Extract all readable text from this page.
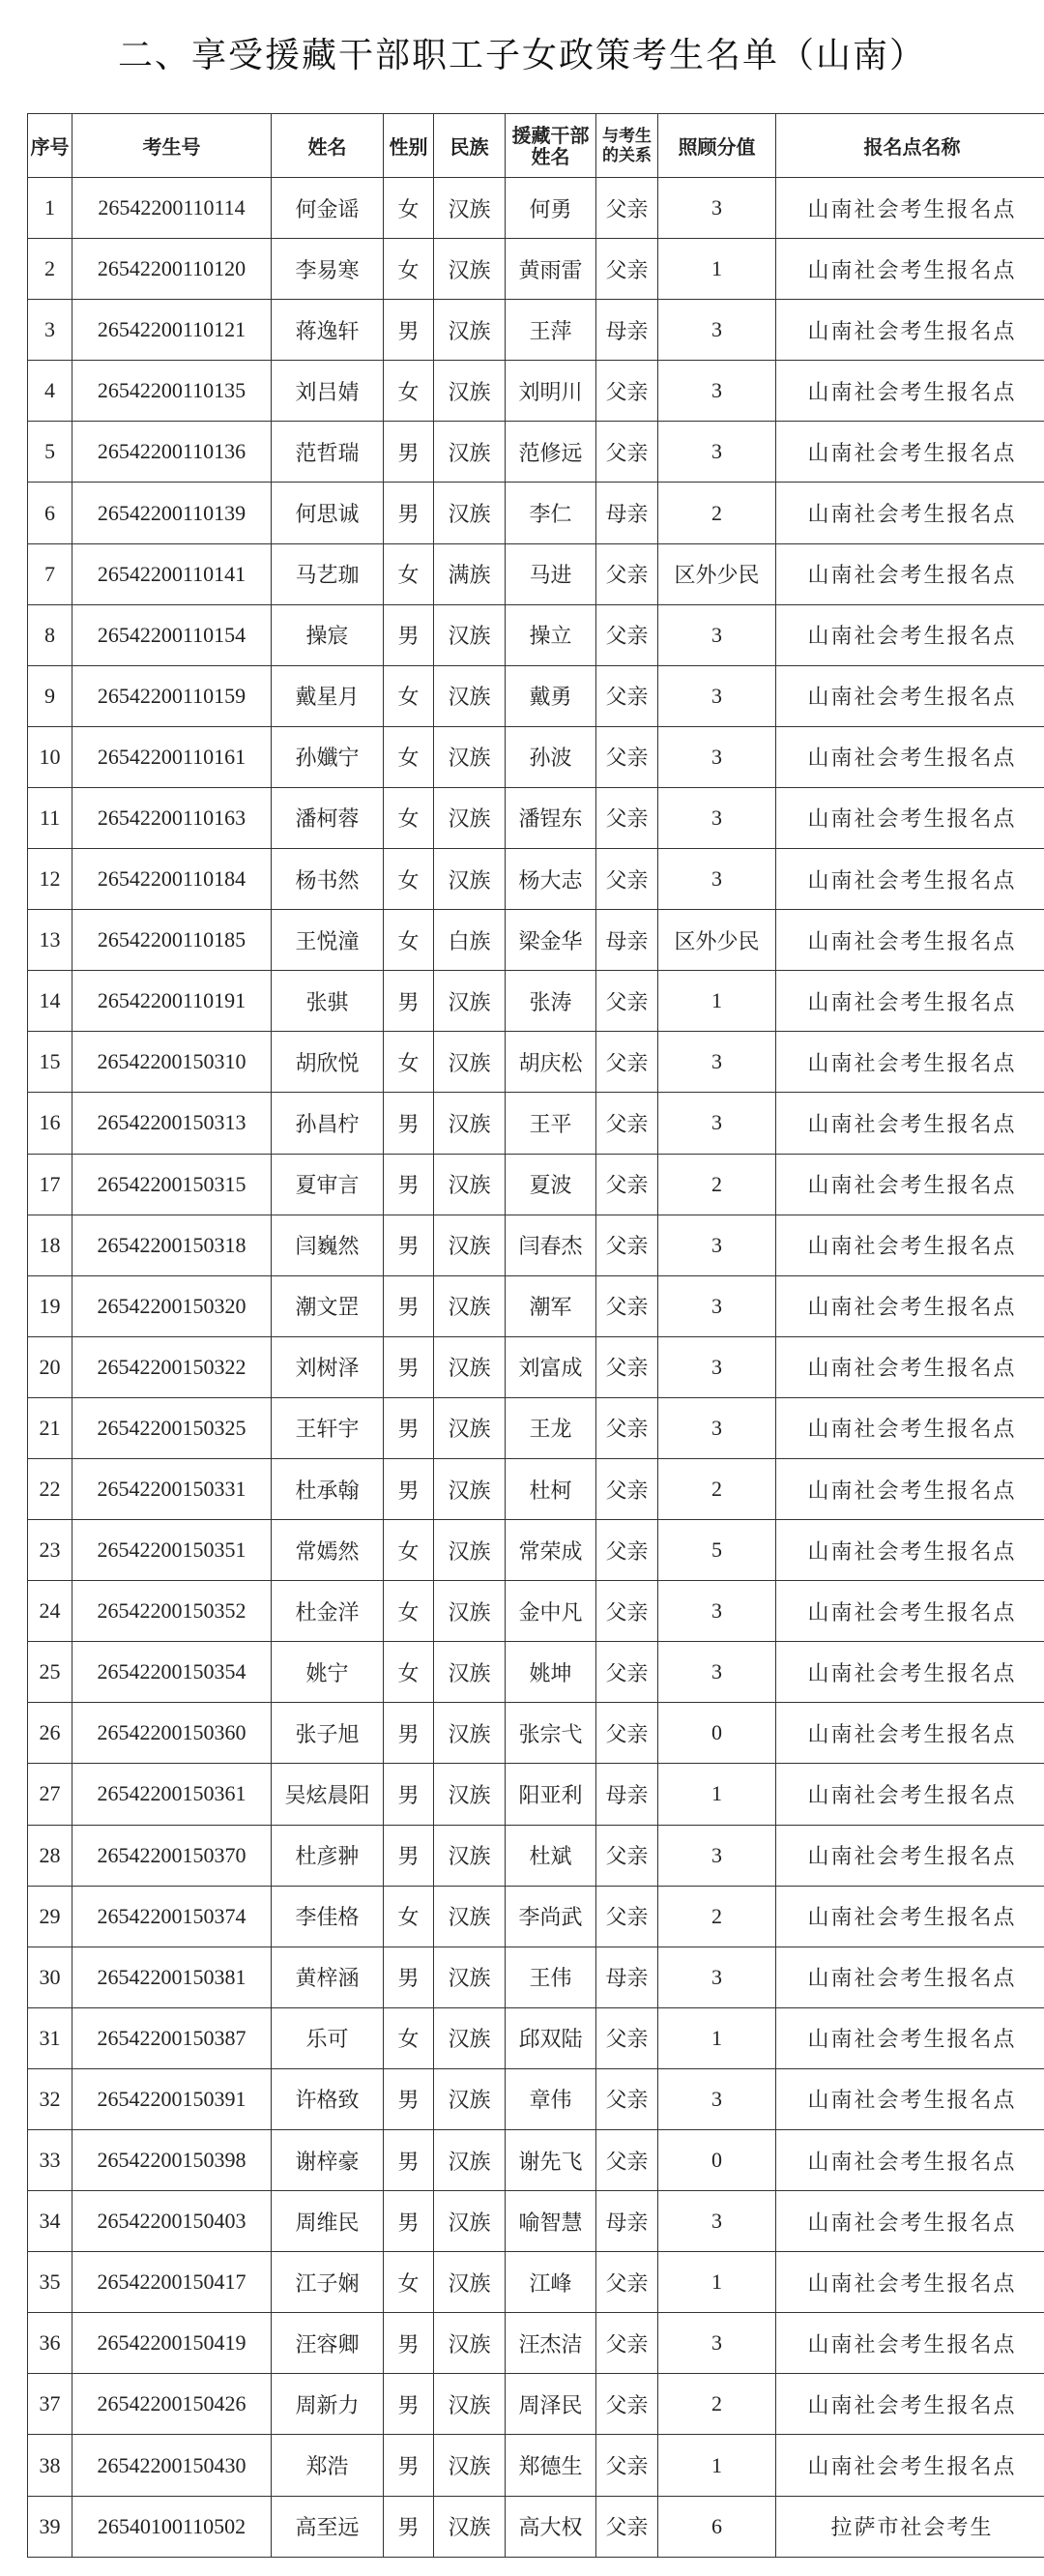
二、享受援藏干部职工子女政策考生名单（山南）
序号	考生号	姓名	性别	民族	援藏干部姓名	与考生的关系	照顾分值	报名点名称
1	26542200110114	何金谣	女	汉族	何勇	父亲	3	山南社会考生报名点
2	26542200110120	李易寒	女	汉族	黄雨雷	父亲	1	山南社会考生报名点
3	26542200110121	蒋逸轩	男	汉族	王萍	母亲	3	山南社会考生报名点
4	26542200110135	刘吕婧	女	汉族	刘明川	父亲	3	山南社会考生报名点
5	26542200110136	范哲瑞	男	汉族	范修远	父亲	3	山南社会考生报名点
6	26542200110139	何思诚	男	汉族	李仁	母亲	2	山南社会考生报名点
7	26542200110141	马艺珈	女	满族	马进	父亲	区外少民	山南社会考生报名点
8	26542200110154	操宸	男	汉族	操立	父亲	3	山南社会考生报名点
9	26542200110159	戴星月	女	汉族	戴勇	父亲	3	山南社会考生报名点
10	26542200110161	孙孅宁	女	汉族	孙波	父亲	3	山南社会考生报名点
11	26542200110163	潘柯蓉	女	汉族	潘锃东	父亲	3	山南社会考生报名点
12	26542200110184	杨书然	女	汉族	杨大志	父亲	3	山南社会考生报名点
13	26542200110185	王悦潼	女	白族	梁金华	母亲	区外少民	山南社会考生报名点
14	26542200110191	张骐	男	汉族	张涛	父亲	1	山南社会考生报名点
15	26542200150310	胡欣悦	女	汉族	胡庆松	父亲	3	山南社会考生报名点
16	26542200150313	孙昌柠	男	汉族	王平	父亲	3	山南社会考生报名点
17	26542200150315	夏审言	男	汉族	夏波	父亲	2	山南社会考生报名点
18	26542200150318	闫巍然	男	汉族	闫春杰	父亲	3	山南社会考生报名点
19	26542200150320	潮文罡	男	汉族	潮军	父亲	3	山南社会考生报名点
20	26542200150322	刘树泽	男	汉族	刘富成	父亲	3	山南社会考生报名点
21	26542200150325	王轩宇	男	汉族	王龙	父亲	3	山南社会考生报名点
22	26542200150331	杜承翰	男	汉族	杜柯	父亲	2	山南社会考生报名点
23	26542200150351	常嫣然	女	汉族	常荣成	父亲	5	山南社会考生报名点
24	26542200150352	杜金洋	女	汉族	金中凡	父亲	3	山南社会考生报名点
25	26542200150354	姚宁	女	汉族	姚坤	父亲	3	山南社会考生报名点
26	26542200150360	张子旭	男	汉族	张宗弋	父亲	0	山南社会考生报名点
27	26542200150361	吴炫晨阳	男	汉族	阳亚利	母亲	1	山南社会考生报名点
28	26542200150370	杜彦翀	男	汉族	杜斌	父亲	3	山南社会考生报名点
29	26542200150374	李佳格	女	汉族	李尚武	父亲	2	山南社会考生报名点
30	26542200150381	黄梓涵	男	汉族	王伟	母亲	3	山南社会考生报名点
31	26542200150387	乐可	女	汉族	邱双陆	父亲	1	山南社会考生报名点
32	26542200150391	许格致	男	汉族	章伟	父亲	3	山南社会考生报名点
33	26542200150398	谢梓豪	男	汉族	谢先飞	父亲	0	山南社会考生报名点
34	26542200150403	周维民	男	汉族	喻智慧	母亲	3	山南社会考生报名点
35	26542200150417	江子娴	女	汉族	江峰	父亲	1	山南社会考生报名点
36	26542200150419	汪容卿	男	汉族	汪杰洁	父亲	3	山南社会考生报名点
37	26542200150426	周新力	男	汉族	周泽民	父亲	2	山南社会考生报名点
38	26542200150430	郑浩	男	汉族	郑德生	父亲	1	山南社会考生报名点
39	26540100110502	高至远	男	汉族	高大权	父亲	6	拉萨市社会考生
